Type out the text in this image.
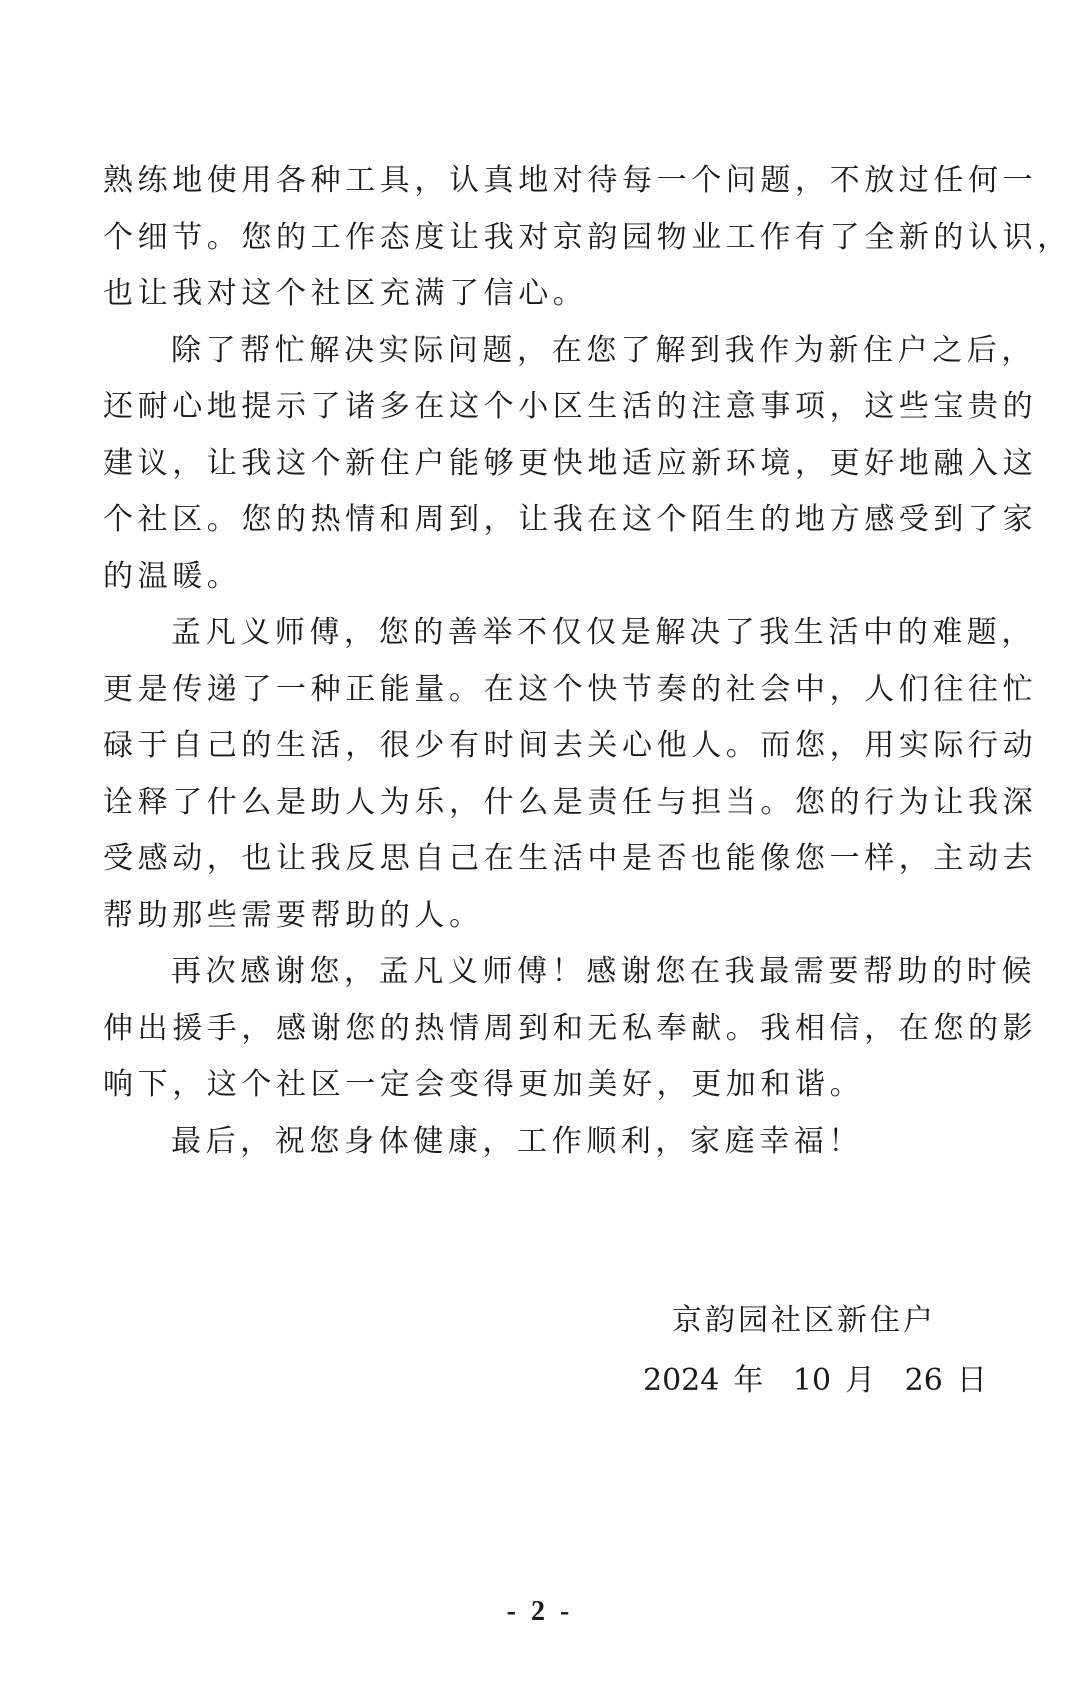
熟练地使用各种工具，认真地对待每一个问题，不放过任何一
个细节。您的工作态度让我对京韵园物业工作有了全新的认识，
也让我对这个社区充满了信心。
除了帮忙解决实际问题，在您了解到我作为新住户之后，
还耐心地提示了诸多在这个小区生活的注意事项，这些宝贵的
建议，让我这个新住户能够更快地适应新环境，更好地融入这
个社区。您的热情和周到，让我在这个陌生的地方感受到了家
的温暖。
孟凡义师傅，您的善举不仅仅是解决了我生活中的难题，
更是传递了一种正能量。在这个快节奏的社会中，人们往往忙
碌于自己的生活，很少有时间去关心他人。而您，用实际行动
诠释了什么是助人为乐，什么是责任与担当。您的行为让我深
受感动，也让我反思自己在生活中是否也能像您一样，主动去
帮助那些需要帮助的人。
再次感谢您，孟凡义师傅！感谢您在我最需要帮助的时候
伸出援手，感谢您的热情周到和无私奉献。我相信，在您的影
响下，这个社区一定会变得更加美好，更加和谐。
最后，祝您身体健康，工作顺利，家庭幸福！
京韵园社区新住户
2024 年 10 月 26 日
- 2 -
